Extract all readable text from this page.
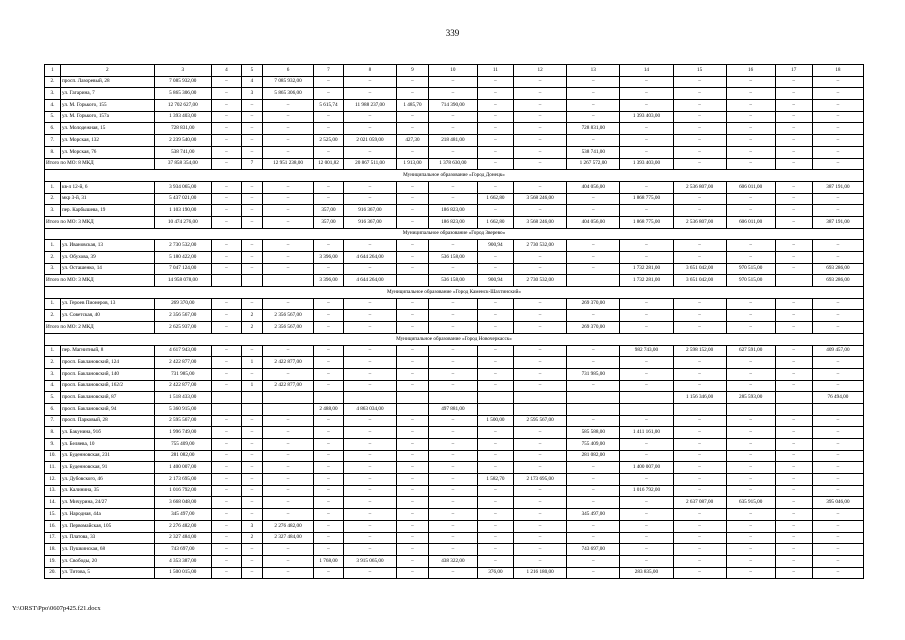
339
1	2	3	4	5	6	7	8	9	10	11	12	13	14	15	16	17	18
2.	просп. Лазоревый, 28	7 085 932,00	–	4	7 085 932,00	–	–	–	–	–	–	–	–	–	–	–	–
3.	ул. Гагарина, 7	5 865 306,00	–	3	5 865 306,00	–	–	–	–	–	–	–	–	–	–	–	–
4.	ул. М. Горького, 155	12 702 627,00	–	–	–	5 615,74	11 988 237,00	1 485,70	714 390,00	–	–	–	–	–	–	–	–
5.	ул. М. Горького, 157а	1 393 403,00	–	–	–	–	–	–	–	–	–	–	1 393 403,00	–	–	–	–
6.	ул. Молодежная, 15	728 831,00	–	–	–	–	–	–	–	–	–	728 831,00	–	–	–	–	–
7.	ул. Морская, 132	2 239 540,00	–	–	–	2 525,00	2 021 059,00	427,30	218 481,00	–	–	–	–	–	–	–	–
8.	ул. Морская, 76	538 741,00	–	–	–	–	–	–	–	–	–	538 741,00	–	–	–	–	–
Итого по МО: 8 МКД		37 858 354,00	–	7	12 951 238,00	12 001,82	20 867 511,00	1 913,00	1 378 630,00	–	–	1 267 572,00	1 393 403,00	–	–	–	–
Муниципальное образование «Город Донецк»																	
1.	кв-л 12-й, 6	3 934 065,00	–	–	–	–	–	–	–	–	–	404 056,00	–	2 536 807,00	606 011,00	–	387 191,00
2.	мкр 3-й, 31	5 437 021,00	–	–	–	–	–	–	–	1 662,80	3 568 246,00	–	1 868 775,00	–	–	–	–
3.	пер. Карбышева, 19	1 103 190,00	–	–	–	357,00	916 367,00	–	186 823,00	–	–	–	–	–	–	–	–
Итого по МО: 3 МКД		10 474 276,00	–	–	–	357,00	916 367,00	–	186 823,00	1 662,80	3 568 246,00	404 056,00	1 868 775,00	2 536 807,00	606 011,00	–	387 191,00
Муниципальное образование «Город Зверево»																	
1.	ул. Ивановская, 13	2 730 532,00	–	–	–	–	–	–	–	900,94	2 730 532,00	–	–	–	–	–	–
2.	ул. Обухова, 39	5 180 422,00	–	–	–	3 396,00	4 644 264,00	–	536 158,00	–	–	–	–	–	–	–	–
3.	ул. Осташенко, 14	7 047 124,00	–	–	–	–	–	–	–	–	–	–	1 732 281,00	3 651 042,00	970 515,00	–	693 286,00
Итого по МО: 3 МКД		14 958 078,00				3 396,00	4 644 264,00		536 158,00	900,94	2 730 532,00		1 732 281,00	3 651 042,00	970 515,00		693 286,00
Муниципальное образование «Город Каменск-Шахтинский»																	
1.	ул. Героев Пионеров, 13	269 370,00	–	–	–	–	–	–	–	–	–	269 370,00	–	–	–	–	–
2.	ул. Советская, 40	2 356 567,00	–	2	2 356 567,00	–	–	–	–	–	–	–	–	–	–	–	–
Итого по МО: 2 МКД		2 625 937,00	–	2	2 356 567,00	–	–	–	–	–	–	269 370,00	–	–	–	–	–
Муниципальное образование «Город Новочеркасск»																	
1.	пер. Магнитный, 8	4 617 943,00	–	–	–	–	–	–	–	–	–	–	982 743,00	2 598 152,00	627 591,00	–	409 457,00
2.	просп. Баклановский, 124	2 422 877,00	–	1	2 422 877,00	–	–	–	–	–	–	–	–	–	–	–	–
3.	просп. Баклановский, 140	731 985,00	–	–	–	–	–	–	–	–	–	731 985,00	–	–	–	–	–
4.	просп. Баклановский, 162/2	2 422 877,00	–	1	2 422 877,00	–	–	–	–	–	–	–	–	–	–	–	–
5.	просп. Баклановский, 87	1 518 433,00												1 156 346,00	285 593,00		76 494,00
6.	просп. Баклановский, 94	5 360 915,00				2 488,00	4 863 034,00		497 881,00								
7.	просп. Парковый, 28	2 595 567,00	–	–	–	–	–	–	–	1 500,00	2 595 567,00	–	–	–	–	–	–
8.	ул. Бакунина, 91б	1 996 749,00	–	–	–	–	–	–	–	–	–	585 588,00	1 411 161,00	–	–	–	–
9.	ул. Беляева, 10	755 409,00	–	–	–	–	–	–	–	–	–	755 409,00	–	–	–	–	–
10.	ул. Буденновская, 231	281 082,00	–	–	–	–	–	–	–	–	–	281 082,00	–	–	–	–	–
11.	ул. Буденновская, 91	1 400 007,00	–	–	–	–	–	–	–	–	–	–	1 400 007,00	–	–	–	–
12.	ул. Дубовского, 46	2 173 695,00	–	–	–	–	–	–	–	1 582,70	2 173 695,00	–	–	–	–	–	–
13.	ул. Калинина, 35	1 016 792,00	–	–	–	–	–	–	–	–	–	–	1 016 792,00	–	–	–	–
14.	ул. Мичурина, 24/27	3 668 048,00	–	–	–	–	–	–	–	–	–	–	–	2 637 087,00	635 915,00	–	395 046,00
15.	ул. Народная, 44а	345 497,00	–	–	–	–	–	–	–	–	–	345 497,00	–	–	–	–	–
16.	ул. Первомайская, 105	2 276 482,00	–	3	2 276 482,00	–	–	–	–	–	–	–	–	–	–	–	–
17.	ул. Платова, 33	2 327 484,00	–	2	2 327 484,00	–	–	–	–	–	–	–	–	–	–	–	–
18.	ул. Пушкинская, 68	743 697,00	–	–	–	–	–	–	–	–	–	743 697,00	–	–	–	–	–
19.	ул. Свободы, 20	4 353 387,00	–	–	–	1 768,00	3 915 065,00	–	438 322,00	–	–	–	–	–	–	–	–
20.	ул. Титова, 5	1 500 015,00	–	–	–	–	–	–	–	376,00	1 216 180,00	–	283 835,00	–	–	–	–
Y:\ORST\Ppo\0607p425.f21.docx
